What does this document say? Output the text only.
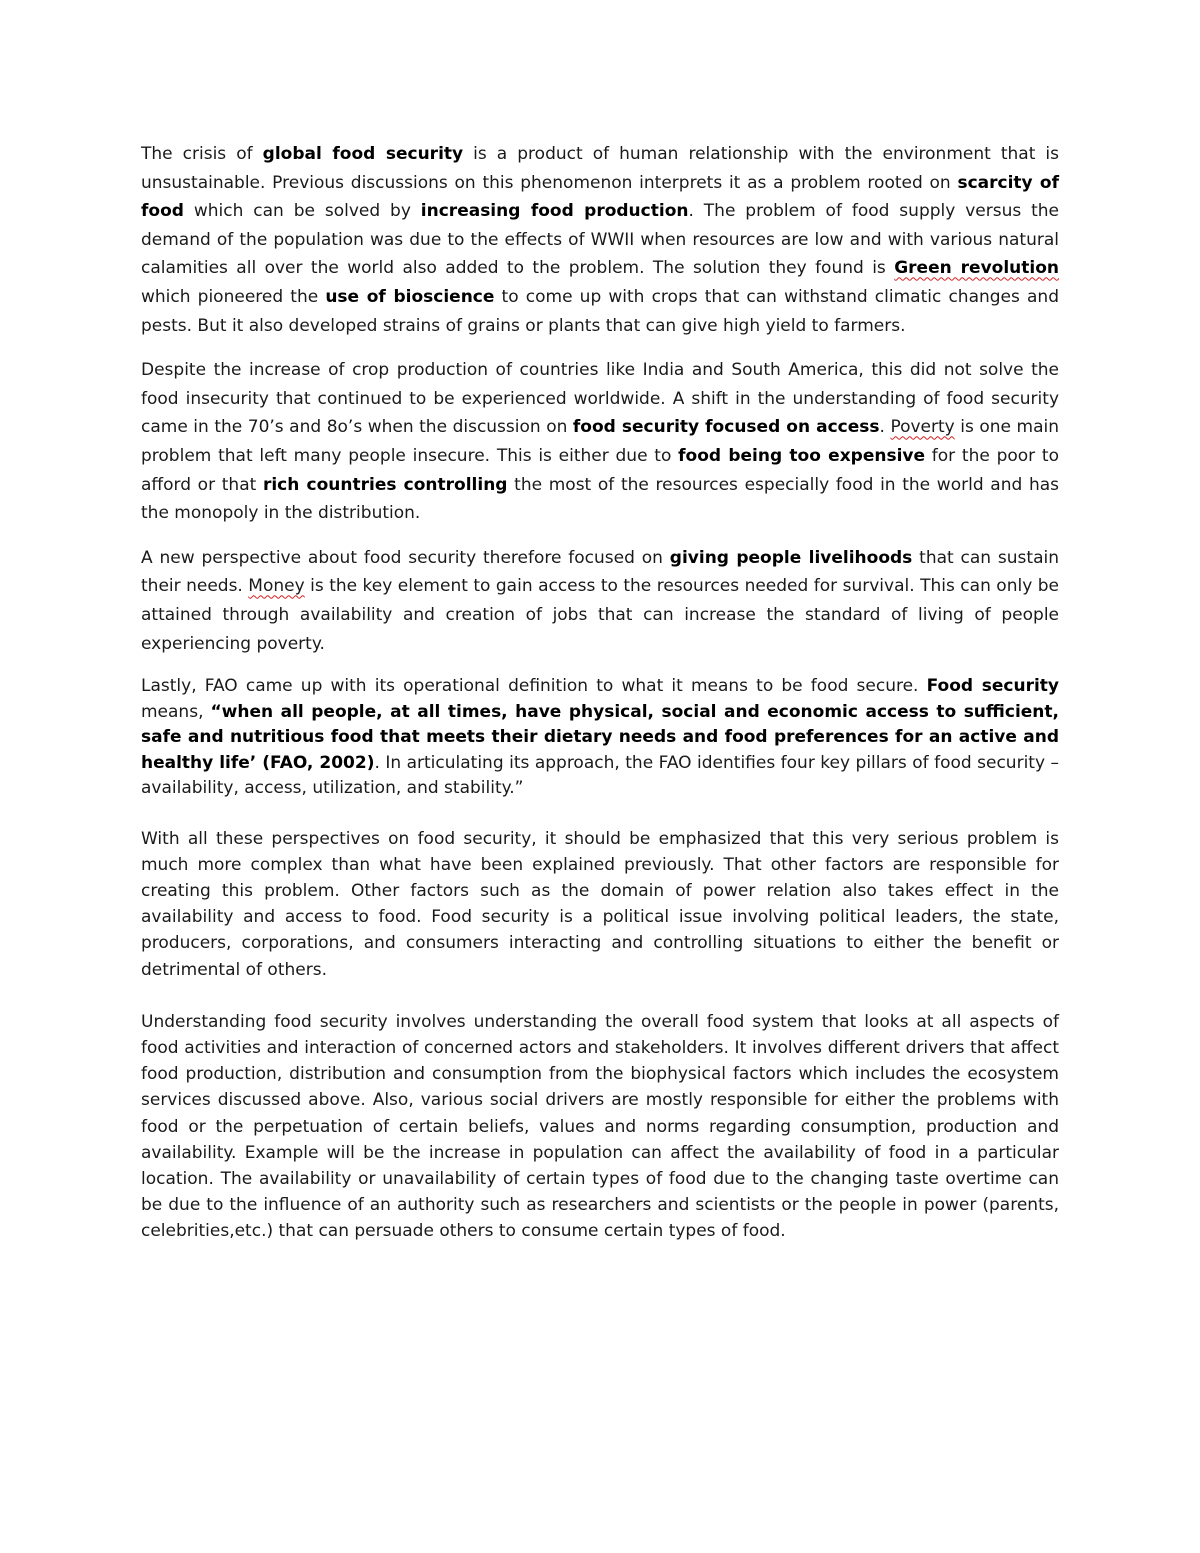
The crisis of global food security is a product of human relationship with the environment that is unsustainable. Previous discussions on this phenomenon interprets it as a problem rooted on scarcity of food which can be solved by increasing food production. The problem of food supply versus the demand of the population was due to the effects of WWII when resources are low and with various natural calamities all over the world also added to the problem. The solution they found is Green revolution which pioneered the use of bioscience to come up with crops that can withstand climatic changes and pests. But it also developed strains of grains or plants that can give high yield to farmers.

Despite the increase of crop production of countries like India and South America, this did not solve the food insecurity that continued to be experienced worldwide. A shift in the understanding of food security came in the 70’s and 8o’s when the discussion on food security focused on access. Poverty is one main problem that left many people insecure. This is either due to food being too expensive for the poor to afford or that rich countries controlling the most of the resources especially food in the world and has the monopoly in the distribution.

A new perspective about food security therefore focused on giving people livelihoods that can sustain their needs. Money is the key element to gain access to the resources needed for survival. This can only be attained through availability and creation of jobs that can increase the standard of living of people experiencing poverty.

Lastly, FAO came up with its operational definition to what it means to be food secure. Food security means, “when all people, at all times, have physical, social and economic access to sufficient, safe and nutritious food that meets their dietary needs and food preferences for an active and healthy life’ (FAO, 2002). In articulating its approach, the FAO identifies four key pillars of food security – availability, access, utilization, and stability.”

With all these perspectives on food security, it should be emphasized that this very serious problem is much more complex than what have been explained previously. That other factors are responsible for creating this problem. Other factors such as the domain of power relation also takes effect in the availability and access to food. Food security is a political issue involving political leaders, the state, producers, corporations, and consumers interacting and controlling situations to either the benefit or detrimental of others.

Understanding food security involves understanding the overall food system that looks at all aspects of food activities and interaction of concerned actors and stakeholders. It involves different drivers that affect food production, distribution and consumption from the biophysical factors which includes the ecosystem services discussed above. Also, various social drivers are mostly responsible for either the problems with food or the perpetuation of certain beliefs, values and norms regarding consumption, production and availability. Example will be the increase in population can affect the availability of food in a particular location. The availability or unavailability of certain types of food due to the changing taste overtime can be due to the influence of an authority such as researchers and scientists or the people in power (parents, celebrities,etc.) that can persuade others to consume certain types of food.
